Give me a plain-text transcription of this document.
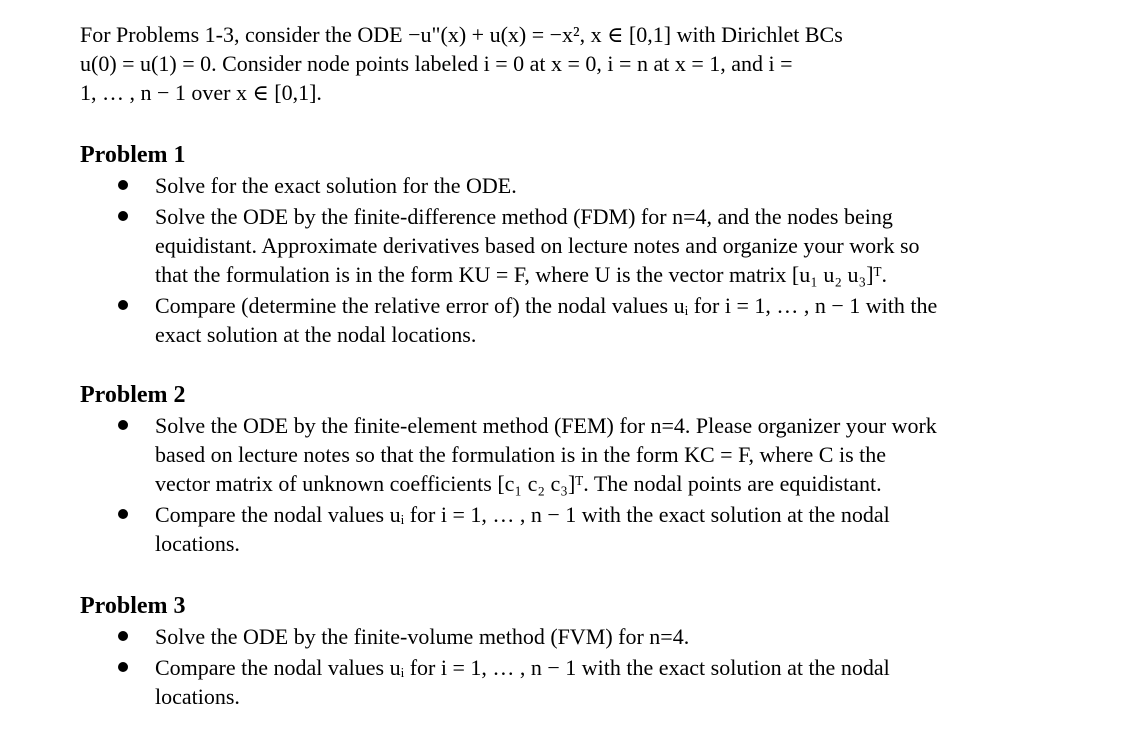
For Problems 1-3, consider the ODE −u"(x) + u(x) = −x², x ∈ [0,1] with Dirichlet BCs
u(0) = u(1) = 0. Consider node points labeled i = 0 at x = 0, i = n at x = 1, and i =
1, … , n − 1 over x ∈ [0,1].
Problem 1
Solve for the exact solution for the ODE.
Solve the ODE by the finite-difference method (FDM) for n=4, and the nodes being
equidistant. Approximate derivatives based on lecture notes and organize your work so
that the formulation is in the form KU = F, where U is the vector matrix [u₁ u₂ u₃]ᵀ.
Compare (determine the relative error of) the nodal values uᵢ for i = 1, … , n − 1 with the
exact solution at the nodal locations.
Problem 2
Solve the ODE by the finite-element method (FEM) for n=4. Please organizer your work
based on lecture notes so that the formulation is in the form KC = F, where C is the
vector matrix of unknown coefficients [c₁ c₂ c₃]ᵀ. The nodal points are equidistant.
Compare the nodal values uᵢ for i = 1, … , n − 1 with the exact solution at the nodal
locations.
Problem 3
Solve the ODE by the finite-volume method (FVM) for n=4.
Compare the nodal values uᵢ for i = 1, … , n − 1 with the exact solution at the nodal
locations.
